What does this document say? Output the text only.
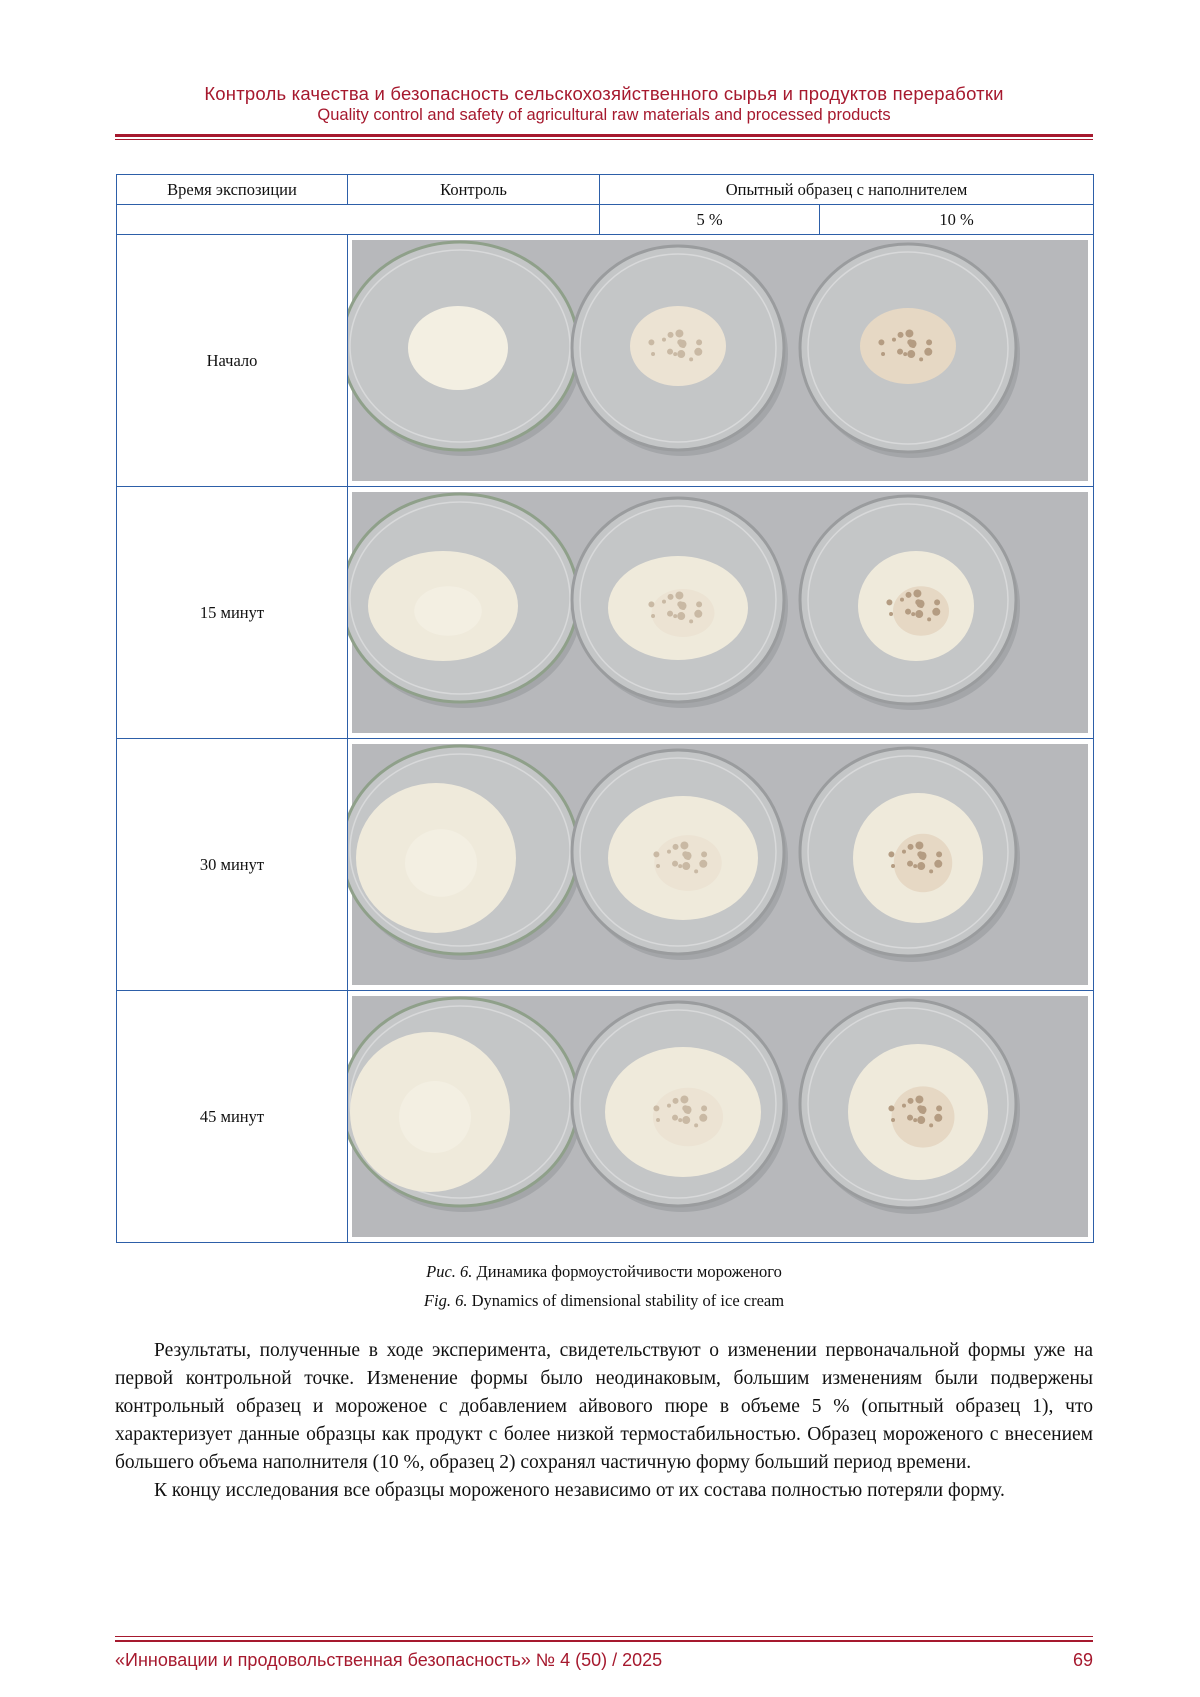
Контроль качества и безопасность сельскохозяйственного сырья и продуктов переработки
Quality control and safety of agricultural raw materials and processed products
Время экспозиции	Контроль	Опытный образец с наполнителем	
		5 %	10 %
Начало	

15 минут	

30 минут	

45 минут	
Рис. 6. Динамика формоустойчивости мороженого
Fig. 6. Dynamics of dimensional stability of ice cream

Результаты, полученные в ходе эксперимента, свидетельствуют о изменении первоначальной формы уже на первой контрольной точке. Изменение формы было неодинаковым, большим изменениям были подвержены контрольный образец и мороженое с добавлением айвового пюре в объеме 5 % (опытный образец 1), что характеризует данные образцы как продукт с более низкой термостабильностью. Образец мороженого с внесением большего объема наполнителя (10 %, образец 2) сохранял частичную форму больший период времени.

К концу исследования все образцы мороженого независимо от их состава полностью потеряли форму.

«Инновации и продовольственная безопасность» № 4 (50) / 2025	69
